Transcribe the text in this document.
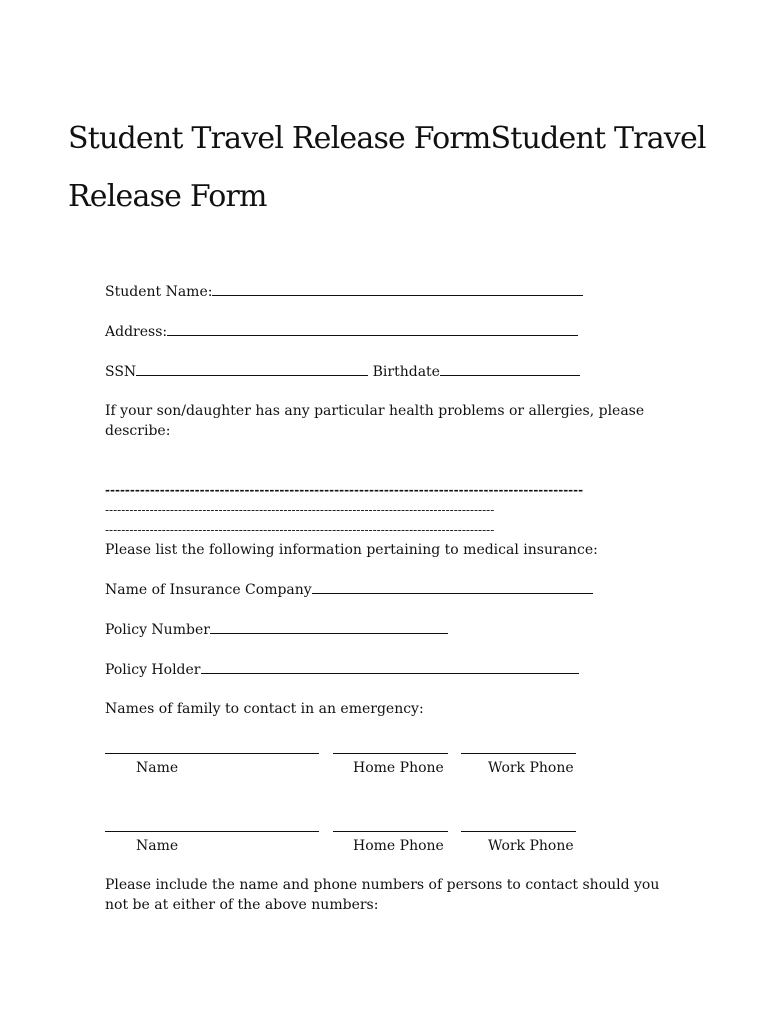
Student Travel Release FormStudent Travel Release Form
Student Name:
Address:
SSN	Birthdate
If your son/daughter has any particular health problems or allergies, please describe:
------------------------------------------------------------------------------------------------
------------------------------------------------------------------------------------------------
------------------------------------------------------------------------------------------------
Please list the following information pertaining to medical insurance:
Name of Insurance Company
Policy Number
Policy Holder
Names of family to contact in an emergency:
Name	Home Phone	Work Phone
Name	Home Phone	Work Phone
Please include the name and phone numbers of persons to contact should you not be at either of the above numbers:
